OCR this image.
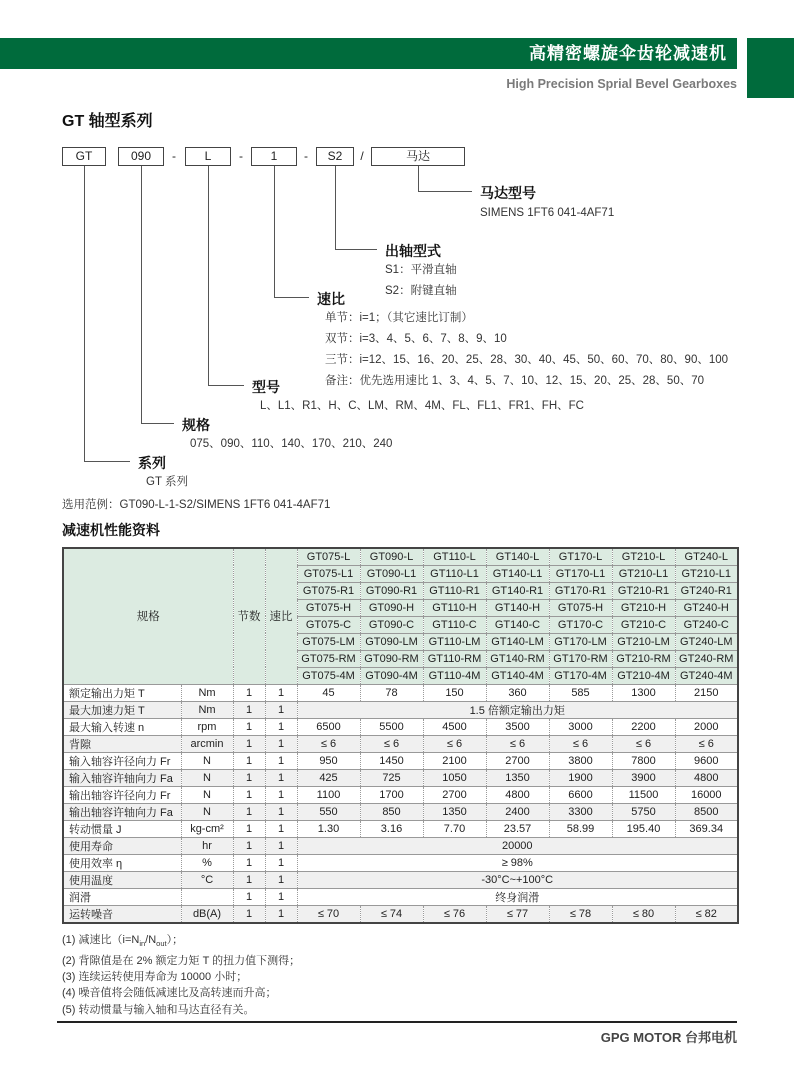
高精密螺旋伞齿轮减速机
High Precision Sprial Bevel Gearboxes
GT 轴型系列
GT	-
090	L	-	1	-	S2	/	马达
马达型号
SIMENS 1FT6 041-4AF71
出轴型式
S1：平滑直轴
S2：附键直轴
速比
单节：i=1；（其它速比订制）
双节：i=3、4、5、6、7、8、9、10
三节：i=12、15、16、20、25、28、30、40、45、50、60、70、80、90、100
备注：优先选用速比 1、3、4、5、7、10、12、15、20、25、28、50、70
型号
L、L1、R1、H、C、LM、RM、4M、FL、FL1、FR1、FH、FC
规格
075、090、110、140、170、210、240
系列
GT 系列
选用范例：GT090-L-1-S2/SIMENS 1FT6 041-4AF71
减速机性能资料
规格		节数	速比	GT075-L	GT090-L	GT110-L	GT140-L	GT170-L	GT210-L	GT240-L
				GT075-L1	GT090-L1	GT110-L1	GT140-L1	GT170-L1	GT210-L1	GT210-L1
				GT075-R1	GT090-R1	GT110-R1	GT140-R1	GT170-R1	GT210-R1	GT240-R1
				GT075-H	GT090-H	GT110-H	GT140-H	GT075-H	GT210-H	GT240-H
				GT075-C	GT090-C	GT110-C	GT140-C	GT170-C	GT210-C	GT240-C
				GT075-LM	GT090-LM	GT110-LM	GT140-LM	GT170-LM	GT210-LM	GT240-LM
				GT075-RM	GT090-RM	GT110-RM	GT140-RM	GT170-RM	GT210-RM	GT240-RM
				GT075-4M	GT090-4M	GT110-4M	GT140-4M	GT170-4M	GT210-4M	GT240-4M
额定输出力矩 T	Nm	1	1	45	78	150	360	585	1300	2150
最大加速力矩 T	Nm	1	1	1.5 倍额定输出力矩						
最大输入转速 n	rpm	1	1	6500	5500	4500	3500	3000	2200	2000
背隙	arcmin	1	1	≤ 6	≤ 6	≤ 6	≤ 6	≤ 6	≤ 6	≤ 6
输入轴容许径向力 Fr	N	1	1	950	1450	2100	2700	3800	7800	9600
输入轴容许轴向力 Fa	N	1	1	425	725	1050	1350	1900	3900	4800
输出轴容许径向力 Fr	N	1	1	1100	1700	2700	4800	6600	11500	16000
输出轴容许轴向力 Fa	N	1	1	550	850	1350	2400	3300	5750	8500
转动惯量 J	kg-cm²	1	1	1.30	3.16	7.70	23.57	58.99	195.40	369.34
使用寿命	hr	1	1	20000						
使用效率 η	%	1	1	≥ 98%						
使用温度	°C	1	1	-30°C~+100°C						
润滑		1	1	终身润滑						
运转噪音	dB(A)	1	1	≤ 70	≤ 74	≤ 76	≤ 77	≤ 78	≤ 80	≤ 82
(1) 减速比$(i=N_{in}/N_{out})$；
(2) 背隙值是在 2% 额定力矩 T 的扭力值下测得；
(3) 连续运转使用寿命为 10000 小时；
(4) 噪音值将会随低减速比及高转速而升高；
(5) 转动惯量与输入轴和马达直径有关。
GPG MOTOR 台邦电机
